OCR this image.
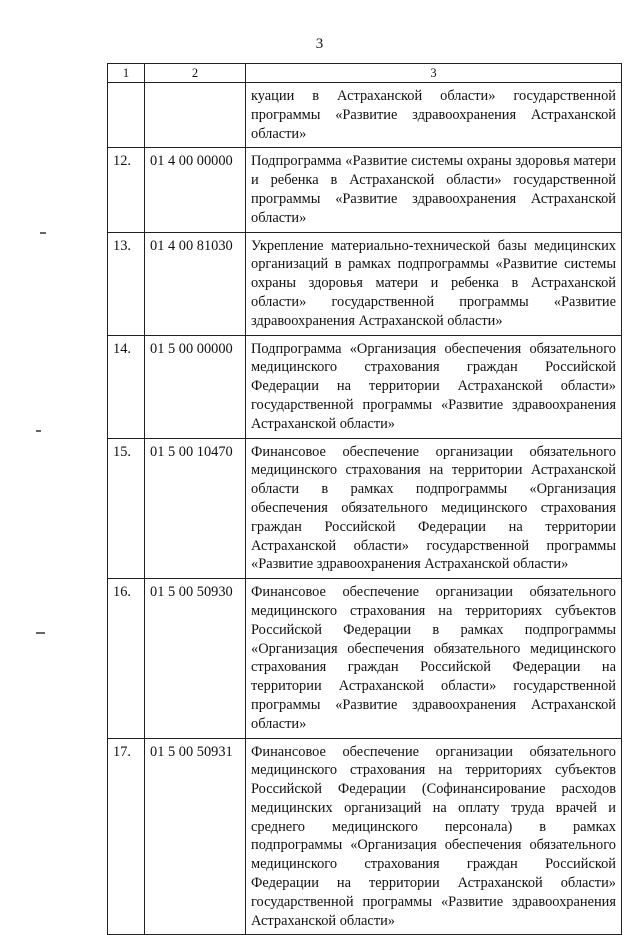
3
1	2	3
		куации в Астраханской области» государственной программы «Развитие здравоохранения Астраханской области»
12.	01 4 00 00000	Подпрограмма «Развитие системы охраны здоровья матери и ребенка в Астраханской области» государственной программы «Развитие здравоохранения Астраханской области»
13.	01 4 00 81030	Укрепление материально-технической базы медицинских организаций в рамках подпрограммы «Развитие системы охраны здоровья матери и ребенка в Астраханской области» государственной программы «Развитие здравоохранения Астраханской области»
14.	01 5 00 00000	Подпрограмма «Организация обеспечения обязательного медицинского страхования граждан Российской Федерации на территории Астраханской области» государственной программы «Развитие здравоохранения Астраханской области»
15.	01 5 00 10470	Финансовое обеспечение организации обязательного медицинского страхования на территории Астраханской области в рамках подпрограммы «Организация обеспечения обязательного медицинского страхования граждан Российской Федерации на территории Астраханской области» государственной программы «Развитие здравоохранения Астраханской области»
16.	01 5 00 50930	Финансовое обеспечение организации обязательного медицинского страхования на территориях субъектов Российской Федерации в рамках подпрограммы «Организация обеспечения обязательного медицинского страхования граждан Российской Федерации на территории Астраханской области» государственной программы «Развитие здравоохранения Астраханской области»
17.	01 5 00 50931	Финансовое обеспечение организации обязательного медицинского страхования на территориях субъектов Российской Федерации (Софинансирование расходов медицинских организаций на оплату труда врачей и среднего медицинского персонала) в рамках подпрограммы «Организация обеспечения обязательного медицинского страхования граждан Российской Федерации на территории Астраханской области» государственной программы «Развитие здравоохранения Астраханской области»
